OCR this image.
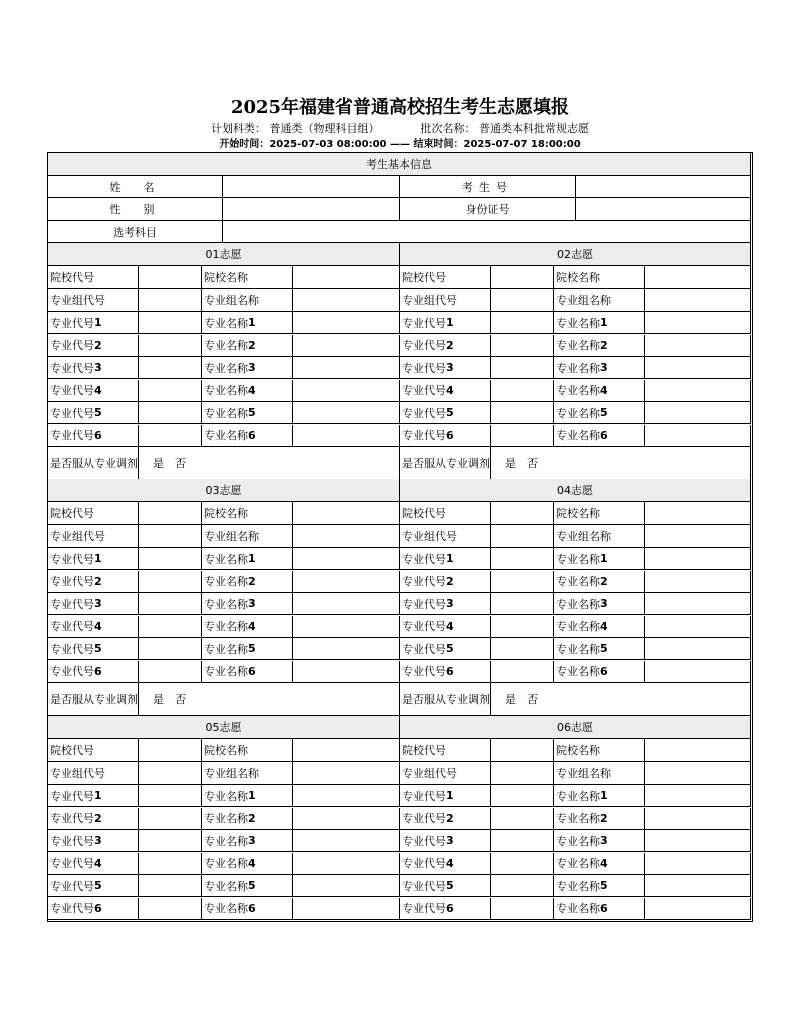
2025年福建省普通高校招生考生志愿填报
计划科类： 普通类（物理科目组）	批次名称： 普通类本科批常规志愿
开始时间：2025-07-03 08:00:00 —— 结束时间：2025-07-07 18:00:00
考生基本信息
姓　名	考生号
性　别	身份证号
选考科目
01志愿
院校代号	院校名称
专业组代号	专业组名称
专业代号 1	专业名称 1
专业代号 2	专业名称 2
专业代号 3	专业名称 3
专业代号 4	专业名称 4
专业代号 5	专业名称 5
专业代号 6	专业名称 6
是否服从专业调剂	是　否
02志愿
院校代号	院校名称
专业组代号	专业组名称
专业代号 1	专业名称 1
专业代号 2	专业名称 2
专业代号 3	专业名称 3
专业代号 4	专业名称 4
专业代号 5	专业名称 5
专业代号 6	专业名称 6
是否服从专业调剂	是　否
03志愿
院校代号	院校名称
专业组代号	专业组名称
专业代号 1	专业名称 1
专业代号 2	专业名称 2
专业代号 3	专业名称 3
专业代号 4	专业名称 4
专业代号 5	专业名称 5
专业代号 6	专业名称 6
是否服从专业调剂	是　否
04志愿
院校代号	院校名称
专业组代号	专业组名称
专业代号 1	专业名称 1
专业代号 2	专业名称 2
专业代号 3	专业名称 3
专业代号 4	专业名称 4
专业代号 5	专业名称 5
专业代号 6	专业名称 6
是否服从专业调剂	是　否
05志愿
院校代号	院校名称
专业组代号	专业组名称
专业代号 1	专业名称 1
专业代号 2	专业名称 2
专业代号 3	专业名称 3
专业代号 4	专业名称 4
专业代号 5	专业名称 5
专业代号 6	专业名称 6
06志愿
院校代号	院校名称
专业组代号	专业组名称
专业代号 1	专业名称 1
专业代号 2	专业名称 2
专业代号 3	专业名称 3
专业代号 4	专业名称 4
专业代号 5	专业名称 5
专业代号 6	专业名称 6
